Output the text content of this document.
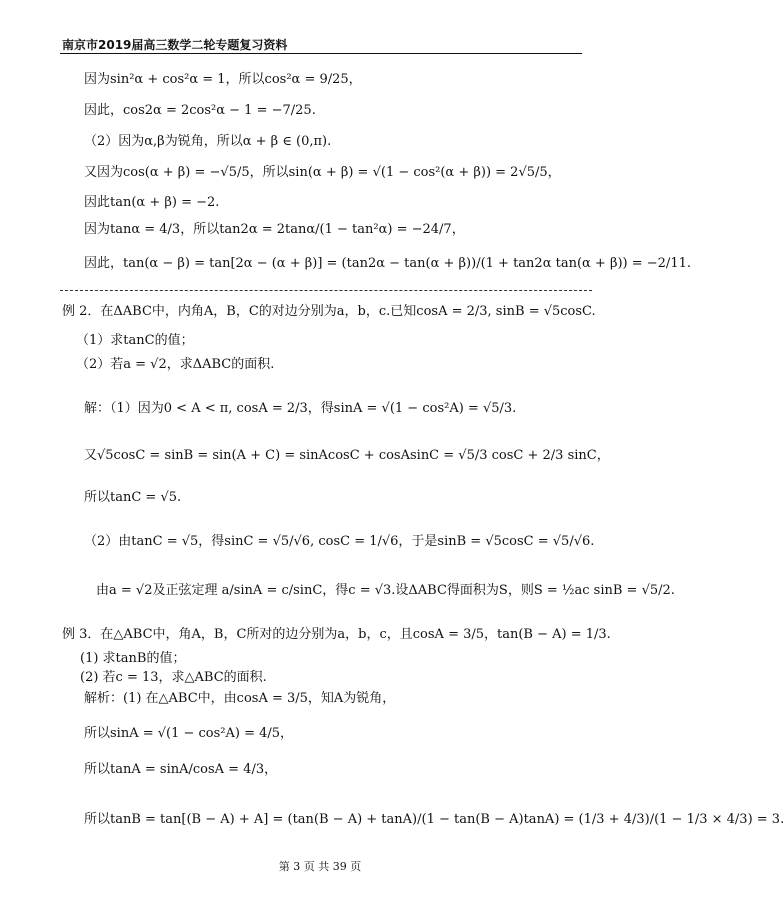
南京市2019届高三数学二轮专题复习资料
因为sin²α + cos²α = 1，所以cos²α = 9/25，
因此，cos2α = 2cos²α − 1 = −7/25.
（2）因为α,β为锐角，所以α + β ∈ (0,π).
又因为cos(α + β) = −√5/5，所以sin(α + β) = √(1 − cos²(α + β)) = 2√5/5，
因此tan(α + β) = −2.
因为tanα = 4/3，所以tan2α = 2tanα/(1 − tan²α) = −24/7，
因此，tan(α − β) = tan[2α − (α + β)] = (tan2α − tan(α + β))/(1 + tan2α tan(α + β)) = −2/11.
例 2．在ΔABC中，内角A，B，C的对边分别为a，b，c.已知cosA = 2/3, sinB = √5cosC.
（1）求tanC的值；
（2）若a = √2，求ΔABC的面积.
解：（1）因为0 < A < π, cosA = 2/3，得sinA = √(1 − cos²A) = √5/3.
又√5cosC = sinB = sin(A + C) = sinAcosC + cosAsinC = √5/3 cosC + 2/3 sinC，
所以tanC = √5.
（2）由tanC = √5，得sinC = √5/√6, cosC = 1/√6，于是sinB = √5cosC = √5/√6.
由a = √2及正弦定理 a/sinA = c/sinC，得c = √3.设ΔABC得面积为S，则S = ½ac sinB = √5/2.
例 3．在△ABC中，角A，B，C所对的边分别为a，b，c，且cosA = 3/5，tan(B − A) = 1/3.
(1) 求tanB的值；
(2) 若c = 13，求△ABC的面积.
解析：(1) 在△ABC中，由cosA = 3/5，知A为锐角，
所以sinA = √(1 − cos²A) = 4/5，
所以tanA = sinA/cosA = 4/3，
所以tanB = tan[(B − A) + A] = (tan(B − A) + tanA)/(1 − tan(B − A)tanA) = (1/3 + 4/3)/(1 − 1/3 × 4/3) = 3.
第 3 页 共 39 页
